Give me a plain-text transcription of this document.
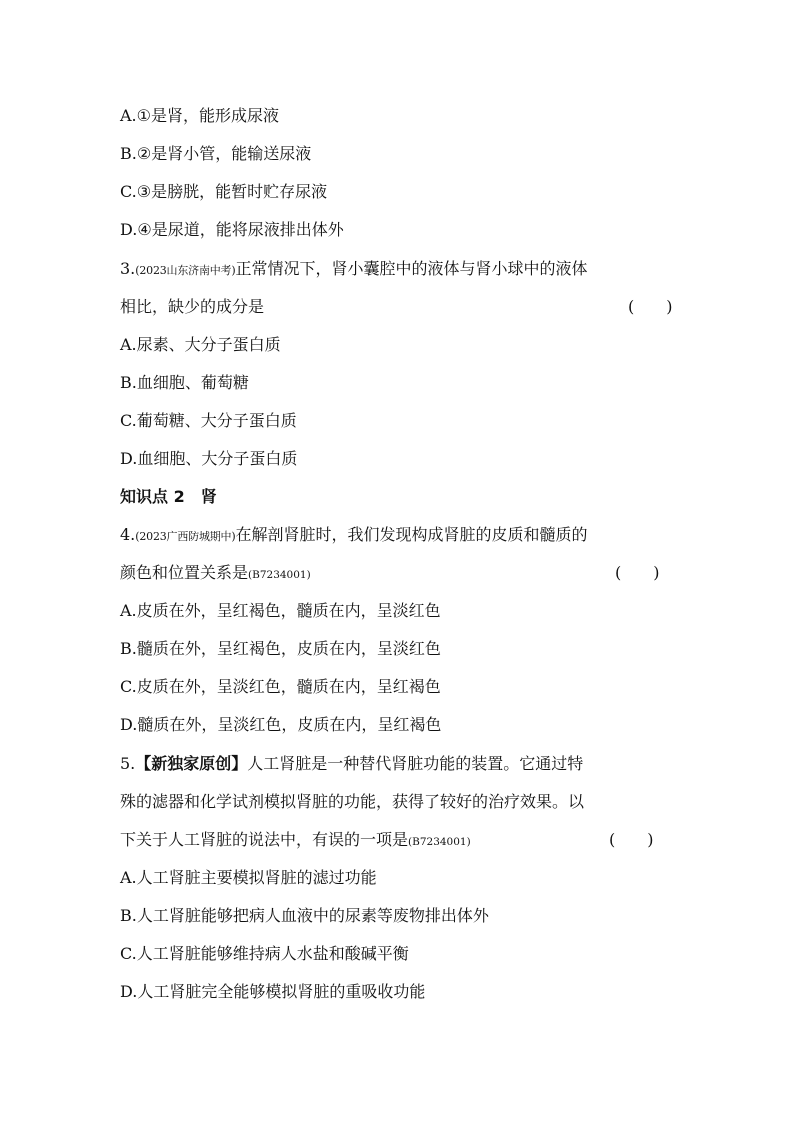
A.①是肾，能形成尿液
B.②是肾小管，能输送尿液
C.③是膀胱，能暂时贮存尿液
D.④是尿道，能将尿液排出体外
3.(2023山东济南中考)正常情况下，肾小囊腔中的液体与肾小球中的液体
相比，缺少的成分是	(　　)
A.尿素、大分子蛋白质
B.血细胞、葡萄糖
C.葡萄糖、大分子蛋白质
D.血细胞、大分子蛋白质
知识点 2　肾
4.(2023广西防城期中)在解剖肾脏时，我们发现构成肾脏的皮质和髓质的
颜色和位置关系是(B7234001)	(　　)
A.皮质在外，呈红褐色，髓质在内，呈淡红色
B.髓质在外，呈红褐色，皮质在内，呈淡红色
C.皮质在外，呈淡红色，髓质在内，呈红褐色
D.髓质在外，呈淡红色，皮质在内，呈红褐色
5.【新独家原创】人工肾脏是一种替代肾脏功能的装置。它通过特
殊的滤器和化学试剂模拟肾脏的功能，获得了较好的治疗效果。以
下关于人工肾脏的说法中，有误的一项是(B7234001)	(　　)
A.人工肾脏主要模拟肾脏的滤过功能
B.人工肾脏能够把病人血液中的尿素等废物排出体外
C.人工肾脏能够维持病人水盐和酸碱平衡
D.人工肾脏完全能够模拟肾脏的重吸收功能
